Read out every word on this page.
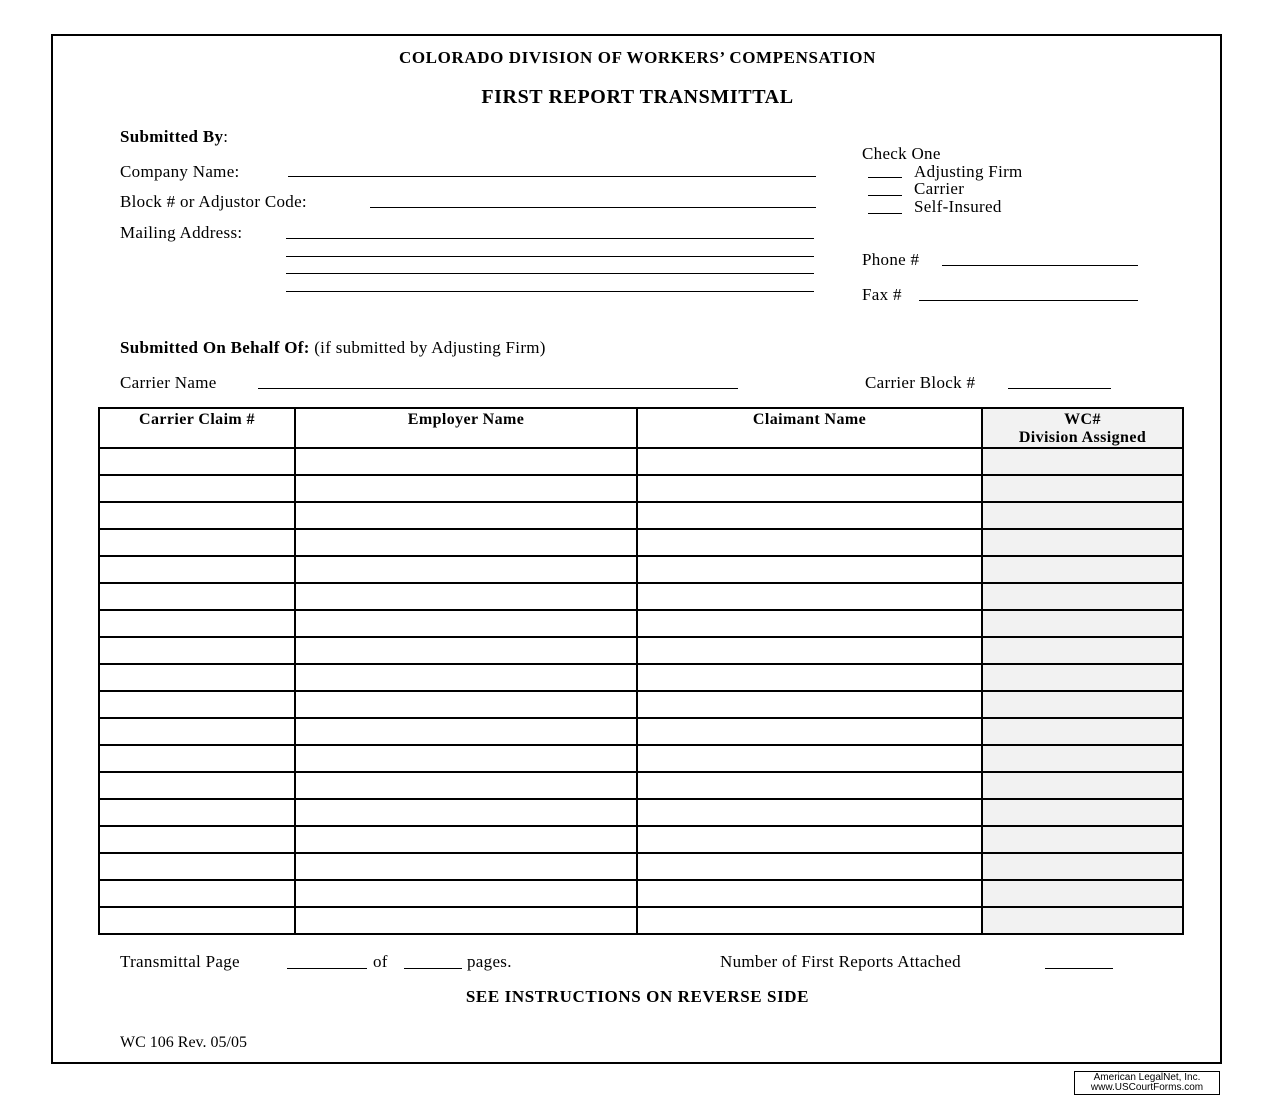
COLORADO DIVISION OF WORKERS’ COMPENSATION
FIRST REPORT TRANSMITTAL
Submitted By:
Company Name:
Block # or Adjustor Code:
Mailing Address:
Check One
Adjusting Firm
Carrier
Self-Insured
Phone #
Fax #
Submitted On Behalf Of: (if submitted by Adjusting Firm)
Carrier Name	Carrier Block #
Carrier Claim #	Employer Name	Claimant Name	WC#
Division Assigned

Transmittal Page	of	pages.	Number of First Reports Attached
SEE INSTRUCTIONS ON REVERSE SIDE
WC 106 Rev. 05/05
American LegalNet, Inc.
www.USCourtForms.com
